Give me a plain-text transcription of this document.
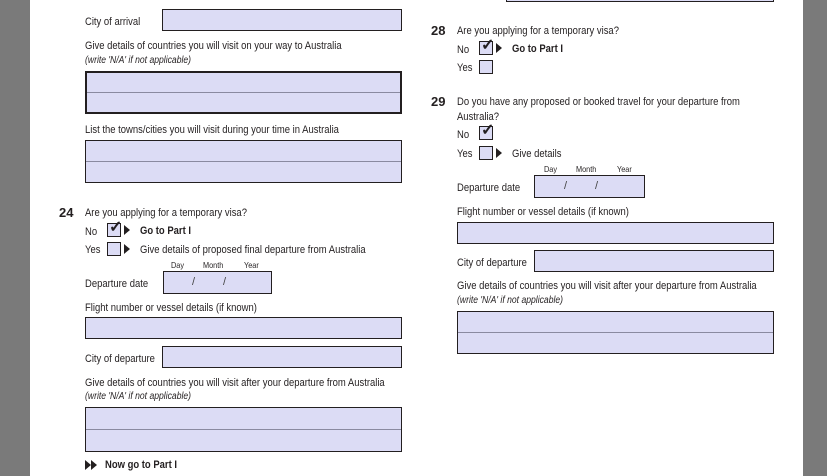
City of arrival
Give details of countries you will visit on your way to Australia
(write 'N/A' if not applicable)
List the towns/cities you will visit during your time in Australia
24 Are you applying for a temporary visa?
No ✓ Go to Part I
Yes	Give details of proposed final departure from Australia
Day Month Year
Departure date	/	/
Flight number or vessel details (if known)
City of departure
Give details of countries you will visit after your departure from Australia
(write 'N/A' if not applicable)
Now go to Part I
28 Are you applying for a temporary visa?
No ✓ Go to Part I
Yes
29 Do you have any proposed or booked travel for your departure from
Australia?
No ✓
Yes	Give details
Day Month Year
Departure date	/	/
Flight number or vessel details (if known)
City of departure
Give details of countries you will visit after your departure from Australia
(write 'N/A' if not applicable)
